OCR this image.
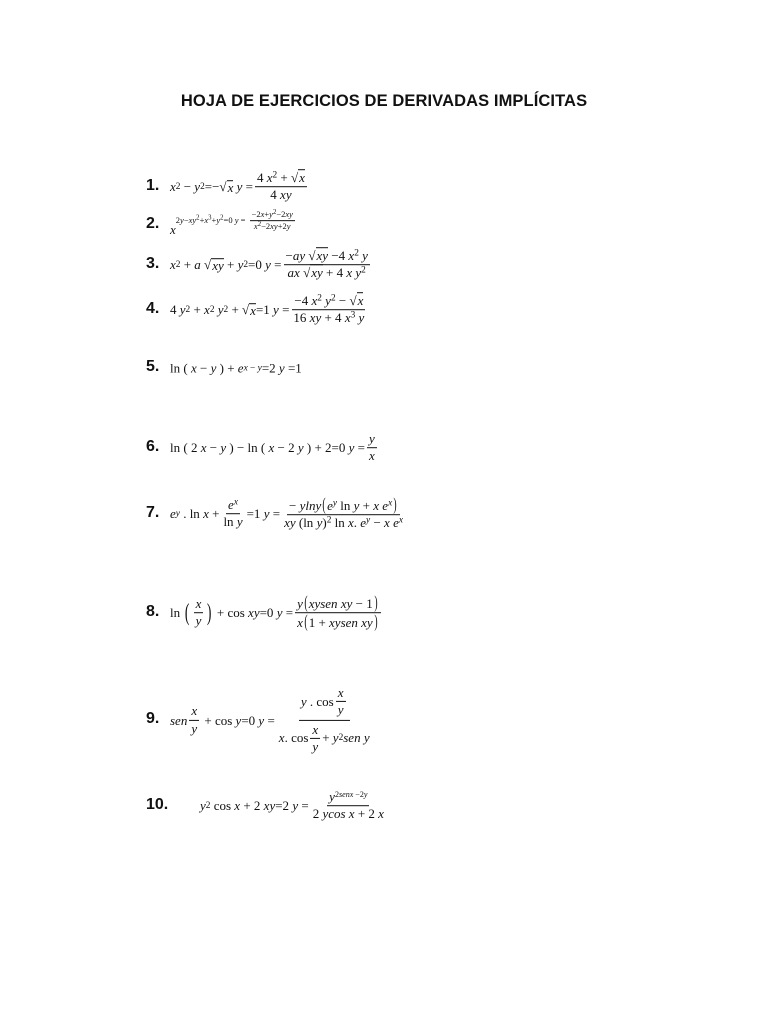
HOJA DE EJERCICIOS DE DERIVADAS IMPLÍCITAS
1. x 2 − y 2 =− √ x
$y = \frac{4 x^2 + √x}{4 xy}$
2. x
$2y-xy^2+x^3+y^2=0$ $y = \frac{-2x+y^2-2xy}{x^2-2xy+2y}$
3. x 2 + a √ xy + y 2 =0 $y = \frac{-ay √xy -4 x^2 y}{ax √xy + 4 x y^2}$
4. 4 y 2 + x 2
y 2 + √ x =1 $y = \frac{-4 x^2 y^2 - √x}{16 xy + 4 x^3 y}$
5. ln ( x − y ) + e x − y =2 y =1
6. ln ( 2 x − y ) − ln ( x − 2 y ) + 2=0 $y = \frac{y}{x}$
7. e y . $\ln x + \frac{e^x}{\text{ln y}} =1$ $y = \frac{- ylny(e^y \ln y + x e^x)}{xy (\ln y)^2 \ln x. e^y - x e^x}$
8. ln ( $\frac{x}{y}$ ) + cos xy =0 $y = \frac{\text{y(xysen xy − 1)}}{\text{x(1 + xysen xy)}}$
9. sen $\frac{x}{y} + \cos y =0$ y = y . $\cos \frac{x}{y}$
x . $\cos \frac{x}{y} + y$ 2 sen
y
10. y 2 cos x + 2 xy =2 $y = \frac{y^{2senx -2y}}{\text{2 ycos x + 2 x}}$
